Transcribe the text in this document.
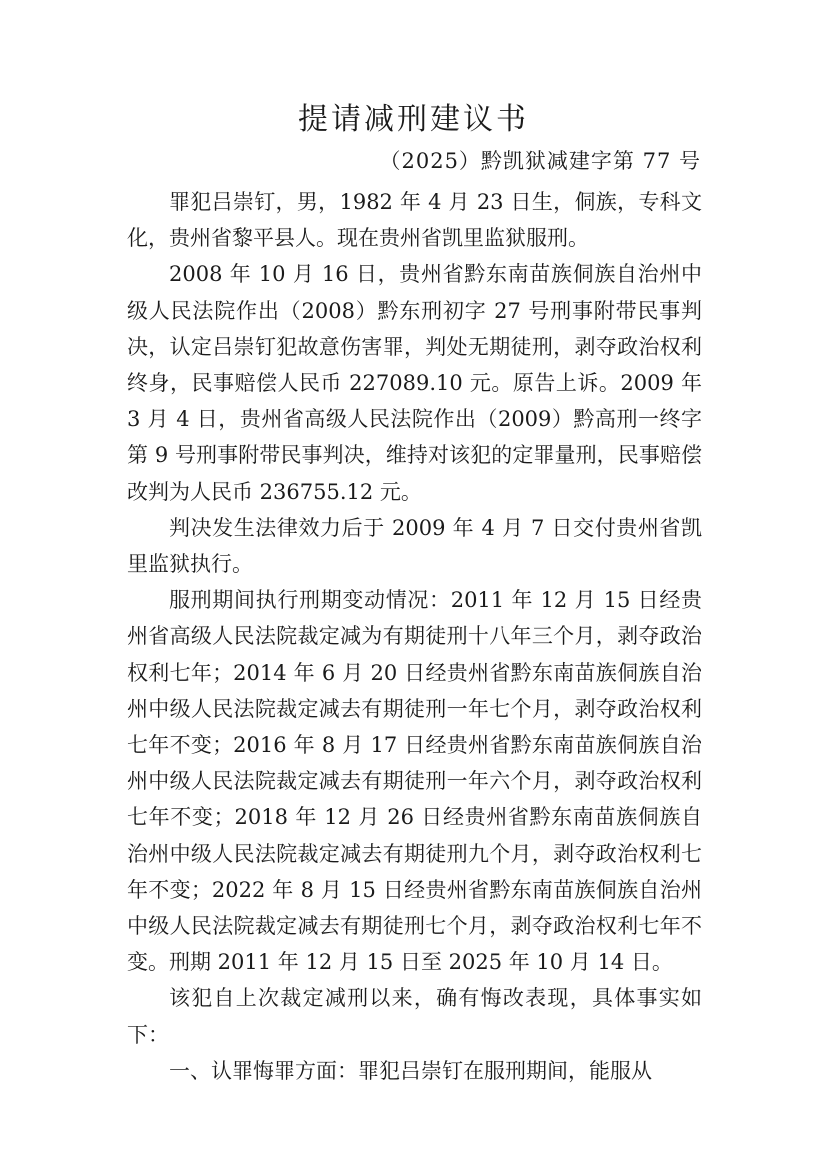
提请减刑建议书

（2025）黔凯狱减建字第 77 号

罪犯吕崇钉，男，1982 年 4 月 23 日生，侗族，专科文化，贵州省黎平县人。现在贵州省凯里监狱服刑。

2008 年 10 月 16 日，贵州省黔东南苗族侗族自治州中级人民法院作出（2008）黔东刑初字 27 号刑事附带民事判决，认定吕崇钉犯故意伤害罪，判处无期徒刑，剥夺政治权利终身，民事赔偿人民币 227089.10 元。原告上诉。2009 年 3 月 4 日，贵州省高级人民法院作出（2009）黔高刑一终字第 9 号刑事附带民事判决，维持对该犯的定罪量刑，民事赔偿改判为人民币 236755.12 元。

判决发生法律效力后于 2009 年 4 月 7 日交付贵州省凯里监狱执行。

服刑期间执行刑期变动情况：2011 年 12 月 15 日经贵州省高级人民法院裁定减为有期徒刑十八年三个月，剥夺政治权利七年；2014 年 6 月 20 日经贵州省黔东南苗族侗族自治州中级人民法院裁定减去有期徒刑一年七个月，剥夺政治权利七年不变；2016 年 8 月 17 日经贵州省黔东南苗族侗族自治州中级人民法院裁定减去有期徒刑一年六个月，剥夺政治权利七年不变；2018 年 12 月 26 日经贵州省黔东南苗族侗族自治州中级人民法院裁定减去有期徒刑九个月，剥夺政治权利七年不变；2022 年 8 月 15 日经贵州省黔东南苗族侗族自治州中级人民法院裁定减去有期徒刑七个月，剥夺政治权利七年不变。刑期 2011 年 12 月 15 日至 2025 年 10 月 14 日。

该犯自上次裁定减刑以来，确有悔改表现，具体事实如下：

一、认罪悔罪方面：罪犯吕崇钉在服刑期间，能服从
